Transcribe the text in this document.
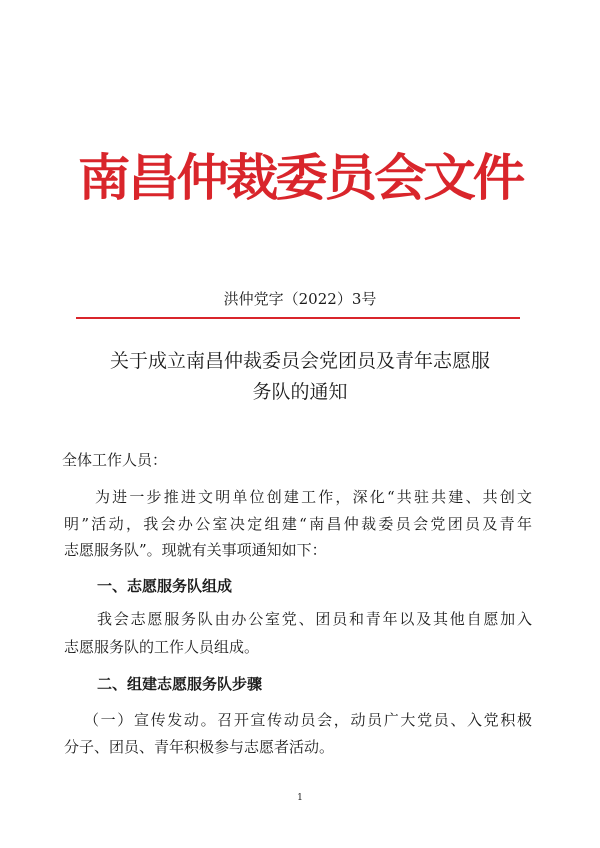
南昌仲裁委员会文件
洪仲党字（2022）3号
关于成立南昌仲裁委员会党团员及青年志愿服
务队的通知
全体工作人员：
为进一步推进文明单位创建工作，深化“共驻共建、共创文
明”活动，我会办公室决定组建“南昌仲裁委员会党团员及青年
志愿服务队”。现就有关事项通知如下：
一、志愿服务队组成
我会志愿服务队由办公室党、团员和青年以及其他自愿加入
志愿服务队的工作人员组成。
二、组建志愿服务队步骤
（一）宣传发动。召开宣传动员会，动员广大党员、入党积极
分子、团员、青年积极参与志愿者活动。
1
